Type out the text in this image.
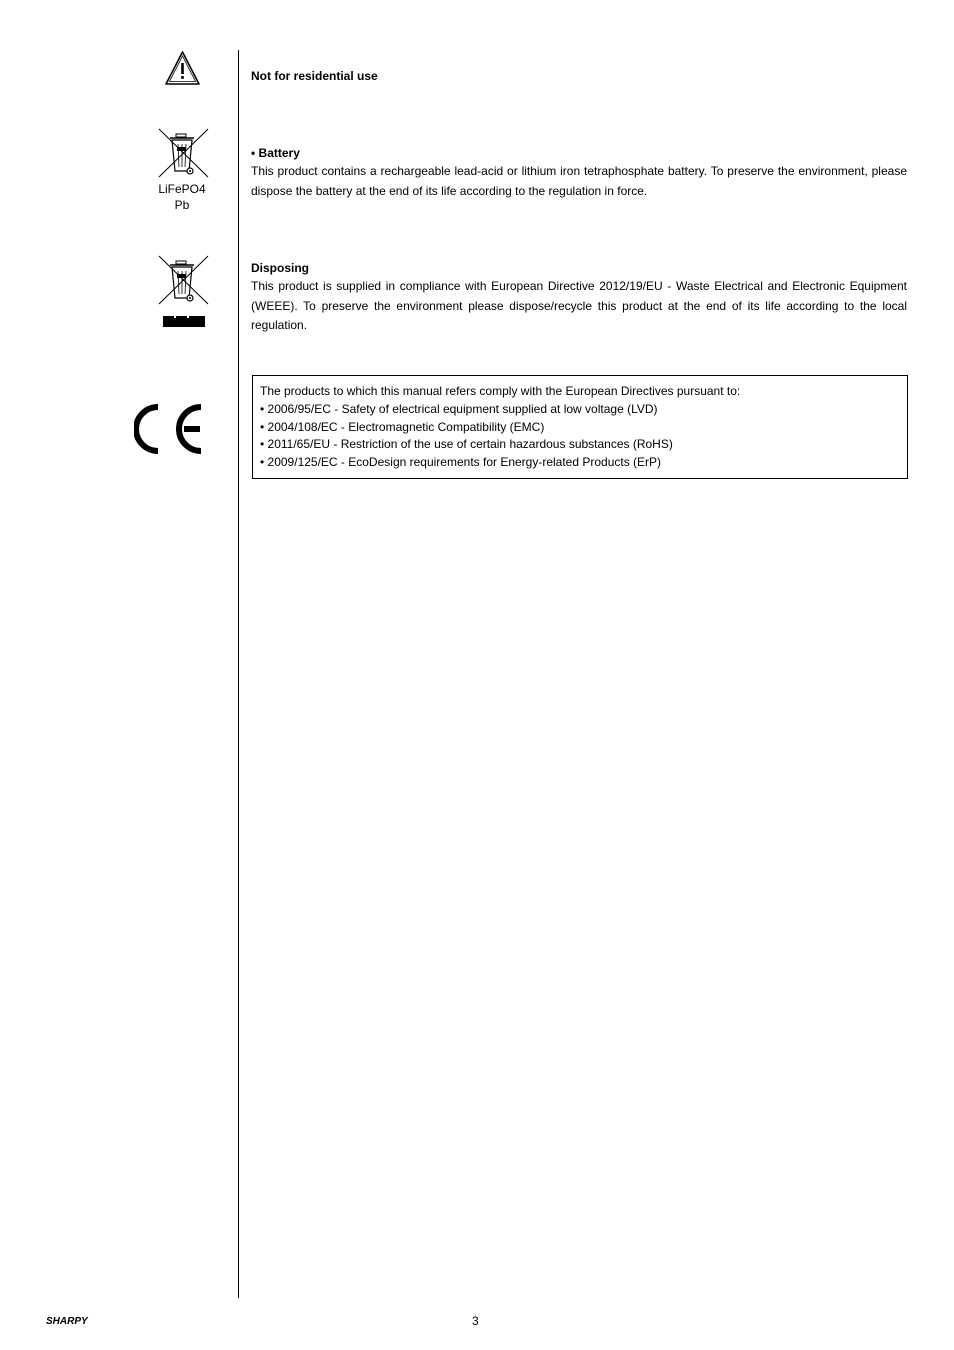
Not for residential use
LiFePO4
Pb
• Battery
This product contains a rechargeable lead-acid or lithium iron tetraphosphate battery. To preserve the environment, please dispose the battery at the end of its life according to the regulation in force.
Disposing
This product is supplied in compliance with European Directive 2012/19/EU - Waste Electrical and Electronic Equipment (WEEE). To preserve the environment please dispose/recycle this product at the end of its life according to the local regulation.
The products to which this manual refers comply with the European Directives pursuant to:
• 2006/95/EC - Safety of electrical equipment supplied at low voltage (LVD)
• 2004/108/EC - Electromagnetic Compatibility (EMC)
• 2011/65/EU - Restriction of the use of certain hazardous substances (RoHS)
• 2009/125/EC - EcoDesign requirements for Energy-related Products (ErP)
SHARPY	3
